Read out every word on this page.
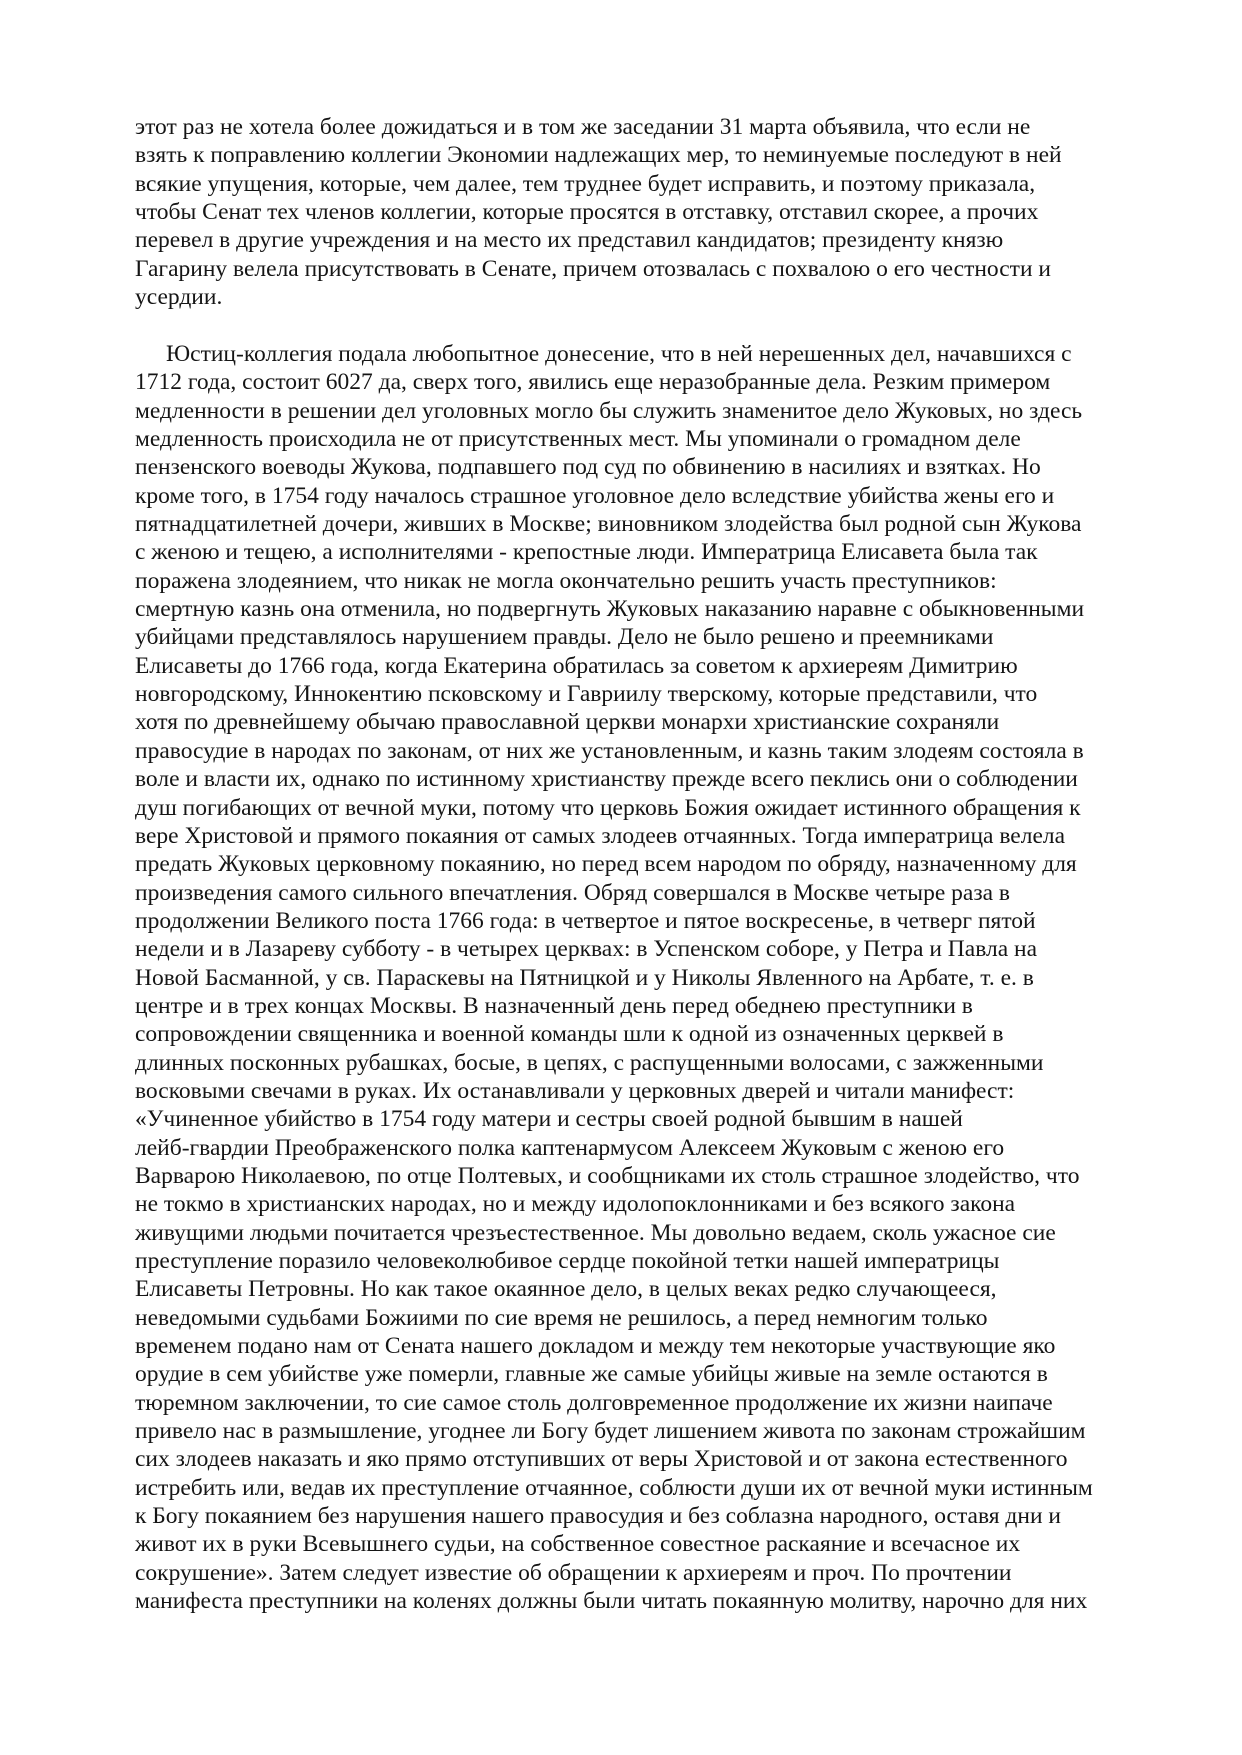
этот раз не хотела более дожидаться и в том же заседании 31 марта объявила, что если не
взять к поправлению коллегии Экономии надлежащих мер, то неминуемые последуют в ней
всякие упущения, которые, чем далее, тем труднее будет исправить, и поэтому приказала,
чтобы Сенат тех членов коллегии, которые просятся в отставку, отставил скорее, а прочих
перевел в другие учреждения и на место их представил кандидатов; президенту князю
Гагарину велела присутствовать в Сенате, причем отозвалась с похвалою о его честности и
усердии.
Юстиц-коллегия подала любопытное донесение, что в ней нерешенных дел, начавшихся с
1712 года, состоит 6027 да, сверх того, явились еще неразобранные дела. Резким примером
медленности в решении дел уголовных могло бы служить знаменитое дело Жуковых, но здесь
медленность происходила не от присутственных мест. Мы упоминали о громадном деле
пензенского воеводы Жукова, подпавшего под суд по обвинению в насилиях и взятках. Но
кроме того, в 1754 году началось страшное уголовное дело вследствие убийства жены его и
пятнадцатилетней дочери, живших в Москве; виновником злодейства был родной сын Жукова
с женою и тещею, а исполнителями - крепостные люди. Императрица Елисавета была так
поражена злодеянием, что никак не могла окончательно решить участь преступников:
смертную казнь она отменила, но подвергнуть Жуковых наказанию наравне с обыкновенными
убийцами представлялось нарушением правды. Дело не было решено и преемниками
Елисаветы до 1766 года, когда Екатерина обратилась за советом к архиереям Димитрию
новгородскому, Иннокентию псковскому и Гавриилу тверскому, которые представили, что
хотя по древнейшему обычаю православной церкви монархи христианские сохраняли
правосудие в народах по законам, от них же установленным, и казнь таким злодеям состояла в
воле и власти их, однако по истинному христианству прежде всего пеклись они о соблюдении
душ погибающих от вечной муки, потому что церковь Божия ожидает истинного обращения к
вере Христовой и прямого покаяния от самых злодеев отчаянных. Тогда императрица велела
предать Жуковых церковному покаянию, но перед всем народом по обряду, назначенному для
произведения самого сильного впечатления. Обряд совершался в Москве четыре раза в
продолжении Великого поста 1766 года: в четвертое и пятое воскресенье, в четверг пятой
недели и в Лазареву субботу - в четырех церквах: в Успенском соборе, у Петра и Павла на
Новой Басманной, у св. Параскевы на Пятницкой и у Николы Явленного на Арбате, т. е. в
центре и в трех концах Москвы. В назначенный день перед обеднею преступники в
сопровождении священника и военной команды шли к одной из означенных церквей в
длинных посконных рубашках, босые, в цепях, с распущенными волосами, с зажженными
восковыми свечами в руках. Их останавливали у церковных дверей и читали манифест:
«Учиненное убийство в 1754 году матери и сестры своей родной бывшим в нашей
лейб-гвардии Преображенского полка каптенармусом Алексеем Жуковым с женою его
Варварою Николаевою, по отце Полтевых, и сообщниками их столь страшное злодейство, что
не токмо в христианских народах, но и между идолопоклонниками и без всякого закона
живущими людьми почитается чрезъестественное. Мы довольно ведаем, сколь ужасное сие
преступление поразило человеколюбивое сердце покойной тетки нашей императрицы
Елисаветы Петровны. Но как такое окаянное дело, в целых веках редко случающееся,
неведомыми судьбами Божиими по сие время не решилось, а перед немногим только
временем подано нам от Сената нашего докладом и между тем некоторые участвующие яко
орудие в сем убийстве уже померли, главные же самые убийцы живые на земле остаются в
тюремном заключении, то сие самое столь долговременное продолжение их жизни наипаче
привело нас в размышление, угоднее ли Богу будет лишением живота по законам строжайшим
сих злодеев наказать и яко прямо отступивших от веры Христовой и от закона естественного
истребить или, ведав их преступление отчаянное, соблюсти души их от вечной муки истинным
к Богу покаянием без нарушения нашего правосудия и без соблазна народного, оставя дни и
живот их в руки Всевышнего судьи, на собственное совестное раскаяние и всечасное их
сокрушение». Затем следует известие об обращении к архиереям и проч. По прочтении
манифеста преступники на коленях должны были читать покаянную молитву, нарочно для них
